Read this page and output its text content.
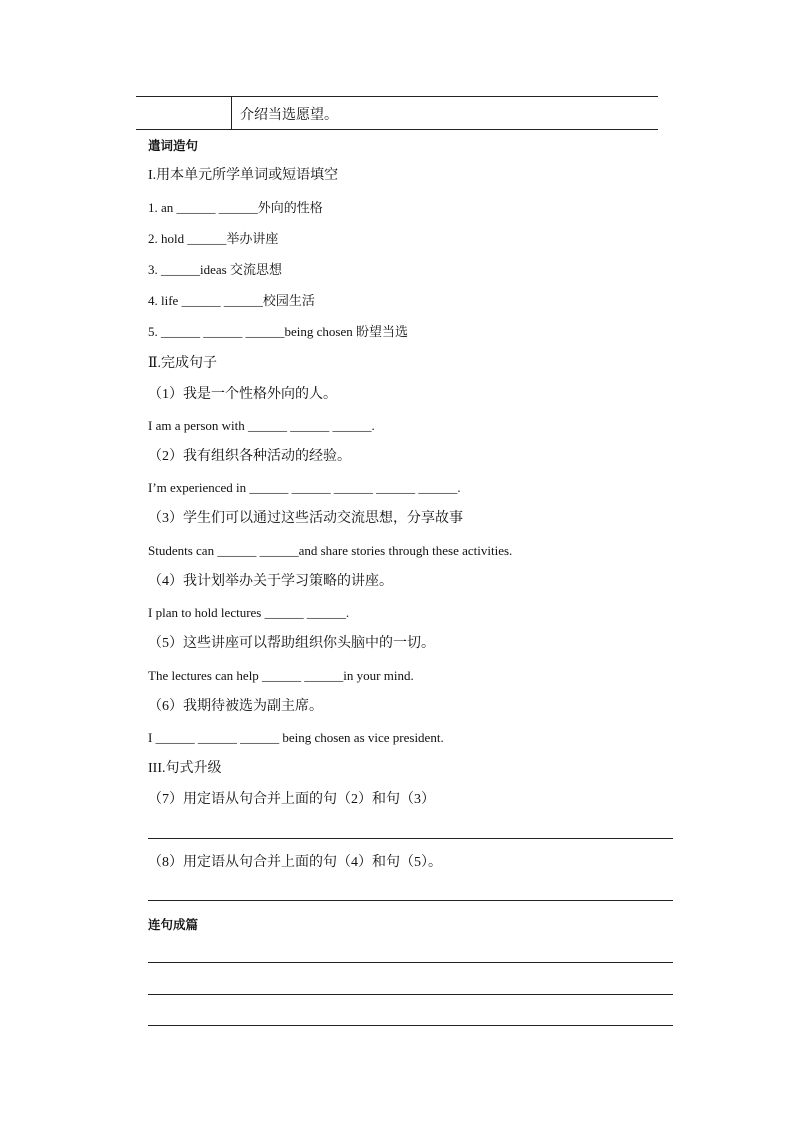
介绍当选愿望。
遣词造句
I.用本单元所学单词或短语填空
1. an ______ ______外向的性格
2. hold ______举办讲座
3. ______ideas 交流思想
4. life ______ ______校园生活
5. ______ ______ ______being chosen 盼望当选
Ⅱ.完成句子
（1）我是一个性格外向的人。
I am a person with ______ ______ ______.
（2）我有组织各种活动的经验。
I’m experienced in ______ ______ ______ ______ ______.
（3）学生们可以通过这些活动交流思想，分享故事
Students can ______ ______and share stories through these activities.
（4）我计划举办关于学习策略的讲座。
I plan to hold lectures ______ ______.
（5）这些讲座可以帮助组织你头脑中的一切。
The lectures can help ______ ______in your mind.
（6）我期待被选为副主席。
I ______ ______ ______ being chosen as vice president.
III.句式升级
（7）用定语从句合并上面的句（2）和句（3）
（8）用定语从句合并上面的句（4）和句（5）。
连句成篇
